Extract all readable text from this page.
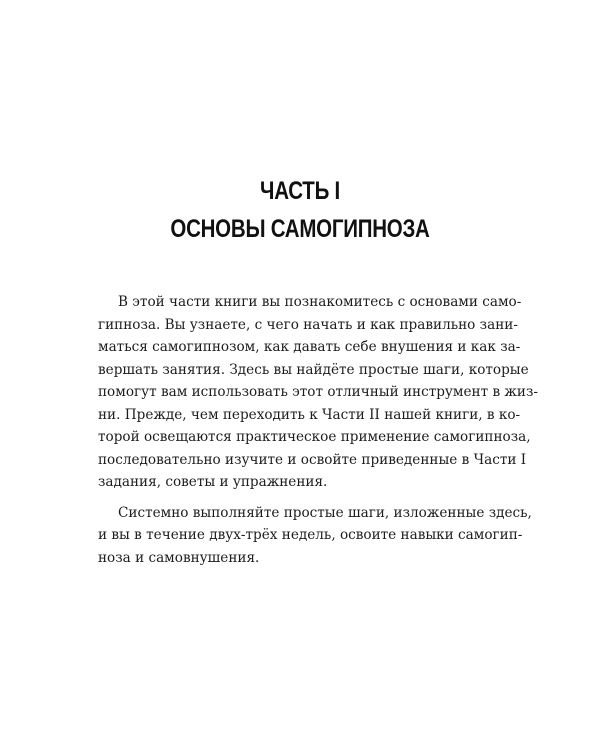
ЧАСТЬ I
ОСНОВЫ САМОГИПНОЗА
В этой части книги вы познакомитесь с основами само-
гипноза. Вы узнаете, с чего начать и как правильно зани-
маться самогипнозом, как давать себе внушения и как за-
вершать занятия. Здесь вы найдёте простые шаги, которые
помогут вам использовать этот отличный инструмент в жиз-
ни. Прежде, чем переходить к Части II нашей книги, в ко-
торой освещаются практическое применение самогипноза,
последовательно изучите и освойте приведенные в Части I
задания, советы и упражнения.
Системно выполняйте простые шаги, изложенные здесь,
и вы в течение двух-трёх недель, освоите навыки самогип-
ноза и самовнушения.
